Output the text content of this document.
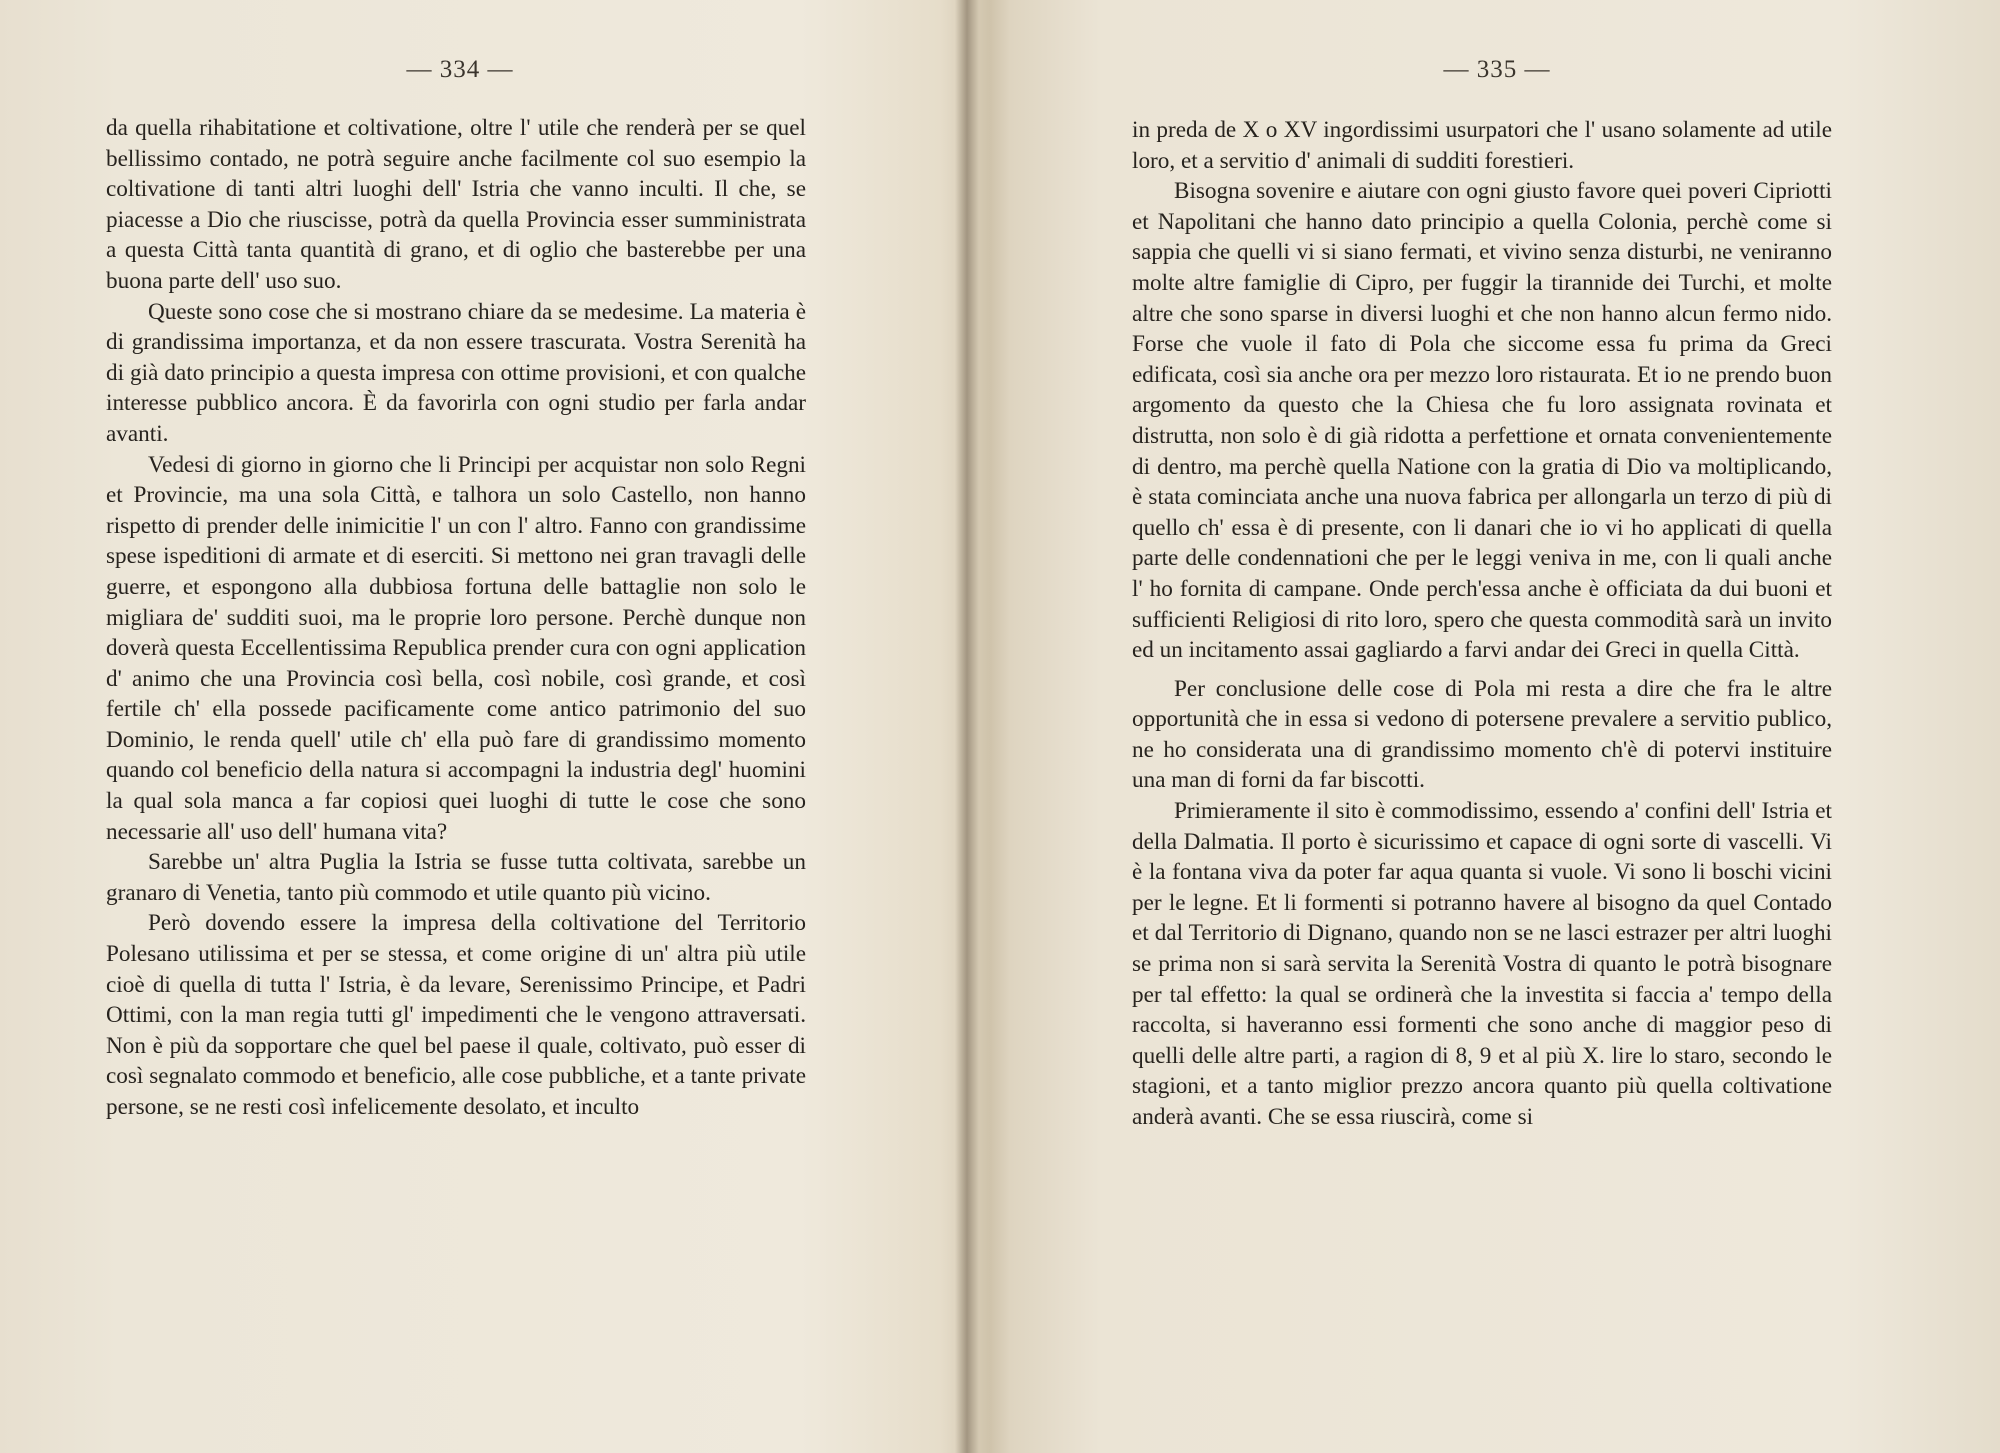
— 334 —

da quella rihabitatione et coltivatione, oltre l' utile che renderà per se quel bellissimo contado, ne potrà seguire anche facilmente col suo esempio la coltivatione di tanti altri luoghi dell' Istria che vanno inculti. Il che, se piacesse a Dio che riuscisse, potrà da quella Provincia esser sumministrata a questa Città tanta quantità di grano, et di oglio che basterebbe per una buona parte dell' uso suo.

Queste sono cose che si mostrano chiare da se medesime. La materia è di grandissima importanza, et da non essere trascurata. Vostra Serenità ha di già dato principio a questa impresa con ottime provisioni, et con qualche interesse pubblico ancora. È da favorirla con ogni studio per farla andar avanti.

Vedesi di giorno in giorno che li Principi per acquistar non solo Regni et Provincie, ma una sola Città, e talhora un solo Castello, non hanno rispetto di prender delle inimicitie l' un con l' altro. Fanno con grandissime spese ispeditioni di armate et di eserciti. Si mettono nei gran travagli delle guerre, et espongono alla dubbiosa fortuna delle battaglie non solo le migliara de' sudditi suoi, ma le proprie loro persone. Perchè dunque non doverà questa Eccellentissima Republica prender cura con ogni application d' animo che una Provincia così bella, così nobile, così grande, et così fertile ch' ella possede pacificamente come antico patrimonio del suo Dominio, le renda quell' utile ch' ella può fare di grandissimo momento quando col beneficio della natura si accompagni la industria degl' huomini la qual sola manca a far copiosi quei luoghi di tutte le cose che sono necessarie all' uso dell' humana vita?

Sarebbe un' altra Puglia la Istria se fusse tutta coltivata, sarebbe un granaro di Venetia, tanto più commodo et utile quanto più vicino.

Però dovendo essere la impresa della coltivatione del Territorio Polesano utilissima et per se stessa, et come origine di un' altra più utile cioè di quella di tutta l' Istria, è da levare, Serenissimo Principe, et Padri Ottimi, con la man regia tutti gl' impedimenti che le vengono attraversati. Non è più da sopportare che quel bel paese il quale, coltivato, può esser di così segnalato commodo et beneficio, alle cose pubbliche, et a tante private persone, se ne resti così infelicemente desolato, et inculto

— 335 —

in preda de X o XV ingordissimi usurpatori che l' usano solamente ad utile loro, et a servitio d' animali di sudditi forestieri.

Bisogna sovenire e aiutare con ogni giusto favore quei poveri Cipriotti et Napolitani che hanno dato principio a quella Colonia, perchè come si sappia che quelli vi si siano fermati, et vivino senza disturbi, ne veniranno molte altre famiglie di Cipro, per fuggir la tirannide dei Turchi, et molte altre che sono sparse in diversi luoghi et che non hanno alcun fermo nido. Forse che vuole il fato di Pola che siccome essa fu prima da Greci edificata, così sia anche ora per mezzo loro ristaurata. Et io ne prendo buon argomento da questo che la Chiesa che fu loro assignata rovinata et distrutta, non solo è di già ridotta a perfettione et ornata convenientemente di dentro, ma perchè quella Natione con la gratia di Dio va moltiplicando, è stata cominciata anche una nuova fabrica per allongarla un terzo di più di quello ch' essa è di presente, con li danari che io vi ho applicati di quella parte delle condennationi che per le leggi veniva in me, con li quali anche l' ho fornita di campane. Onde perch'essa anche è officiata da dui buoni et sufficienti Religiosi di rito loro, spero che questa commodità sarà un invito ed un incitamento assai gagliardo a farvi andar dei Greci in quella Città.

Per conclusione delle cose di Pola mi resta a dire che fra le altre opportunità che in essa si vedono di potersene prevalere a servitio publico, ne ho considerata una di grandissimo momento ch'è di potervi instituire una man di forni da far biscotti.

Primieramente il sito è commodissimo, essendo a' confini dell' Istria et della Dalmatia. Il porto è sicurissimo et capace di ogni sorte di vascelli. Vi è la fontana viva da poter far aqua quanta si vuole. Vi sono li boschi vicini per le legne. Et li formenti si potranno havere al bisogno da quel Contado et dal Territorio di Dignano, quando non se ne lasci estrazer per altri luoghi se prima non si sarà servita la Serenità Vostra di quanto le potrà bisognare per tal effetto: la qual se ordinerà che la investita si faccia a' tempo della raccolta, si haveranno essi formenti che sono anche di maggior peso di quelli delle altre parti, a ragion di 8, 9 et al più X. lire lo staro, secondo le stagioni, et a tanto miglior prezzo ancora quanto più quella coltivatione anderà avanti. Che se essa riuscirà, come si
